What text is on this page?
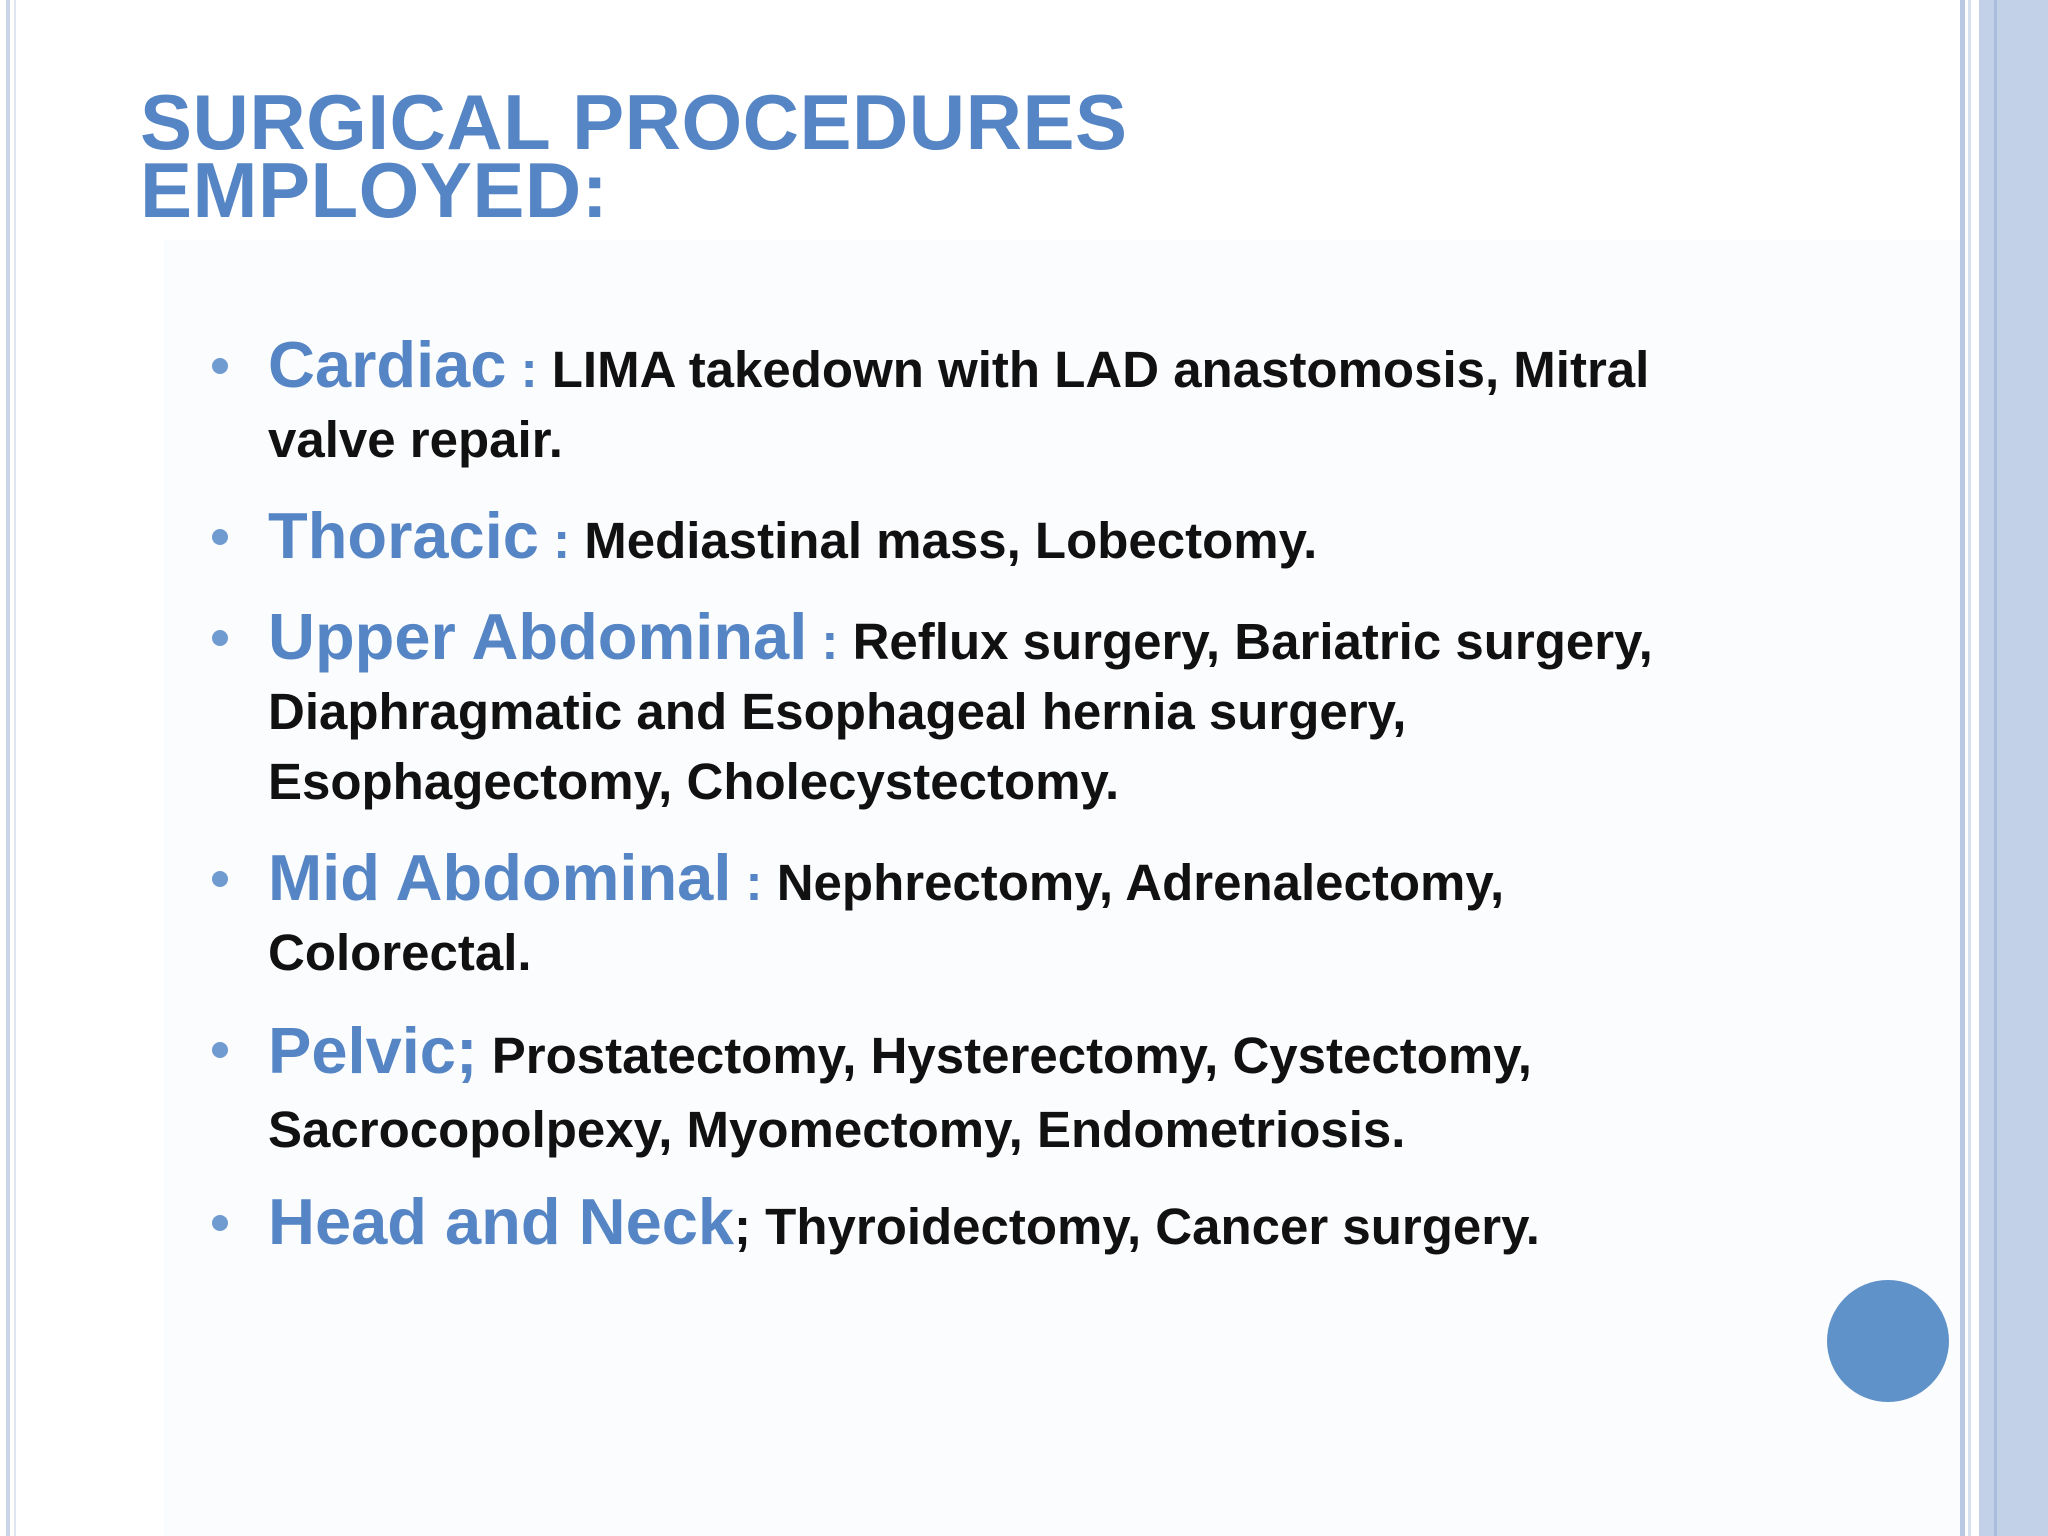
SURGICAL PROCEDURES
EMPLOYED:
Cardiac : LIMA takedown with LAD anastomosis, Mitral valve repair.
Thoracic : Mediastinal mass, Lobectomy.
Upper Abdominal : Reflux surgery, Bariatric surgery, Diaphragmatic and Esophageal hernia surgery, Esophagectomy, Cholecystectomy.
Mid Abdominal : Nephrectomy, Adrenalectomy, Colorectal.
Pelvic; Prostatectomy, Hysterectomy, Cystectomy, Sacrocopolpexy, Myomectomy, Endometriosis.
Head and Neck; Thyroidectomy, Cancer surgery.
